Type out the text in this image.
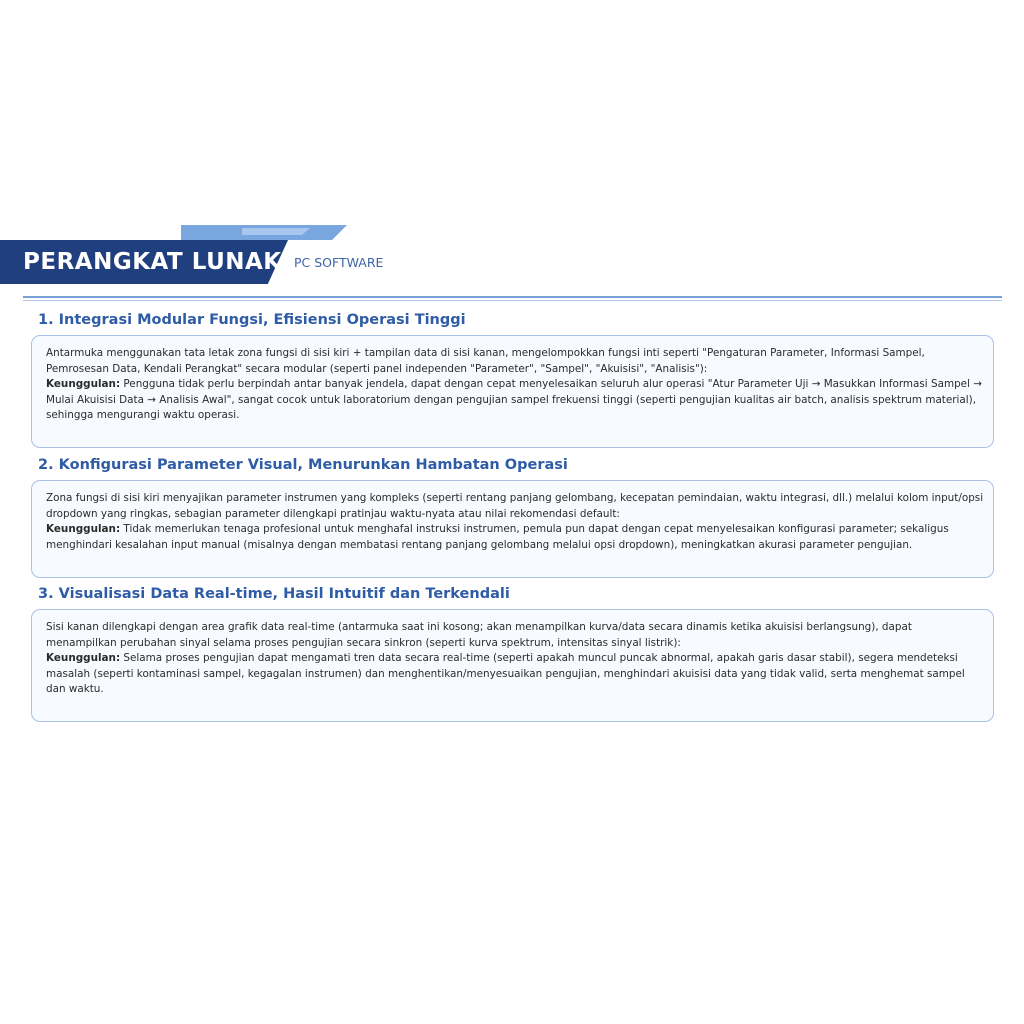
PERANGKAT LUNAK PC SOFTWARE
1. Integrasi Modular Fungsi, Efisiensi Operasi Tinggi

Antarmuka menggunakan tata letak zona fungsi di sisi kiri + tampilan data di sisi kanan, mengelompokkan fungsi inti seperti "Pengaturan Parameter, Informasi Sampel, Pemrosesan Data, Kendali Perangkat" secara modular (seperti panel independen "Parameter", "Sampel", "Akuisisi", "Analisis"):

Keunggulan: Pengguna tidak perlu berpindah antar banyak jendela, dapat dengan cepat menyelesaikan seluruh alur operasi "Atur Parameter Uji → Masukkan Informasi Sampel → Mulai Akuisisi Data → Analisis Awal", sangat cocok untuk laboratorium dengan pengujian sampel frekuensi tinggi (seperti pengujian kualitas air batch, analisis spektrum material), sehingga mengurangi waktu operasi.

2. Konfigurasi Parameter Visual, Menurunkan Hambatan Operasi

Zona fungsi di sisi kiri menyajikan parameter instrumen yang kompleks (seperti rentang panjang gelombang, kecepatan pemindaian, waktu integrasi, dll.) melalui kolom input/opsi dropdown yang ringkas, sebagian parameter dilengkapi pratinjau waktu-nyata atau nilai rekomendasi default:

Keunggulan: Tidak memerlukan tenaga profesional untuk menghafal instruksi instrumen, pemula pun dapat dengan cepat menyelesaikan konfigurasi parameter; sekaligus menghindari kesalahan input manual (misalnya dengan membatasi rentang panjang gelombang melalui opsi dropdown), meningkatkan akurasi parameter pengujian.

3. Visualisasi Data Real-time, Hasil Intuitif dan Terkendali

Sisi kanan dilengkapi dengan area grafik data real-time (antarmuka saat ini kosong; akan menampilkan kurva/data secara dinamis ketika akuisisi berlangsung), dapat menampilkan perubahan sinyal selama proses pengujian secara sinkron (seperti kurva spektrum, intensitas sinyal listrik):

Keunggulan: Selama proses pengujian dapat mengamati tren data secara real-time (seperti apakah muncul puncak abnormal, apakah garis dasar stabil), segera mendeteksi masalah (seperti kontaminasi sampel, kegagalan instrumen) dan menghentikan/menyesuaikan pengujian, menghindari akuisisi data yang tidak valid, serta menghemat sampel dan waktu.
